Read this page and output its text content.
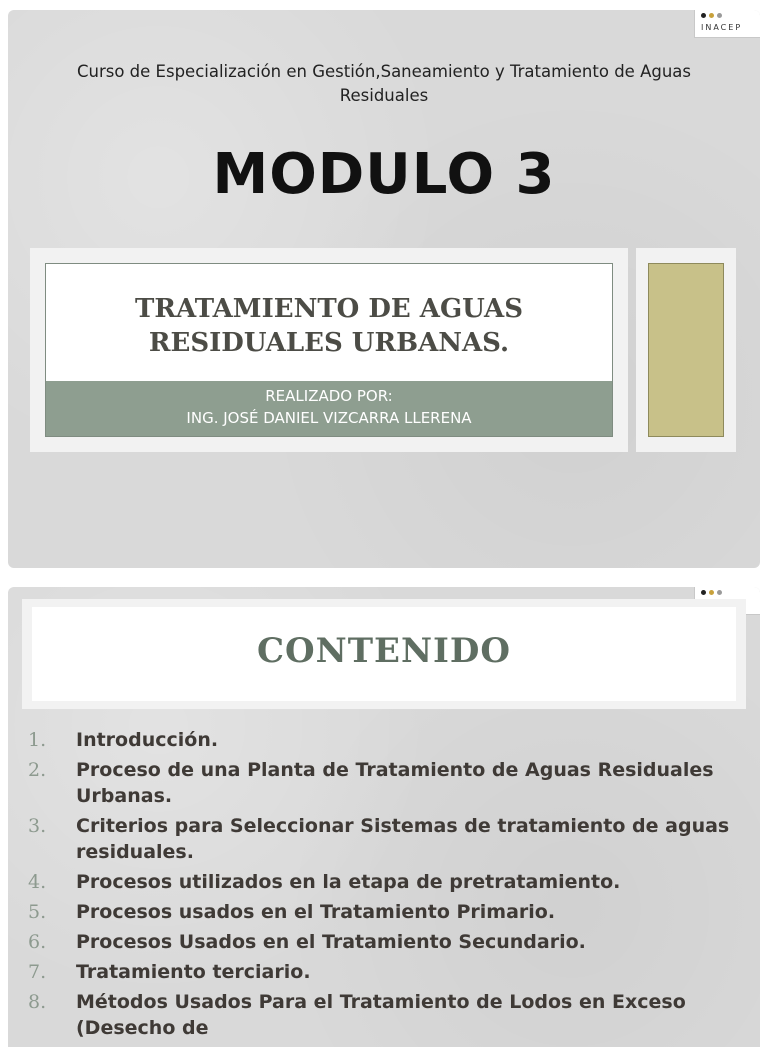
INACEP
Curso de Especialización en Gestión,Saneamiento y Tratamiento de Aguas Residuales
MODULO 3
TRATAMIENTO DE AGUAS
RESIDUALES URBANAS.
REALIZADO POR:
ING. JOSÉ DANIEL VIZCARRA LLERENA
CONTENIDO
1.	Introducción.
2.	Proceso de una Planta de Tratamiento de Aguas Residuales Urbanas.
3.	Criterios para Seleccionar Sistemas de tratamiento de aguas residuales.
4.	Procesos utilizados en la etapa de pretratamiento.
5.	Procesos usados en el Tratamiento Primario.
6.	Procesos Usados en el Tratamiento Secundario.
7.	Tratamiento terciario.
8.	Métodos Usados Para el Tratamiento de Lodos en Exceso (Desecho de
